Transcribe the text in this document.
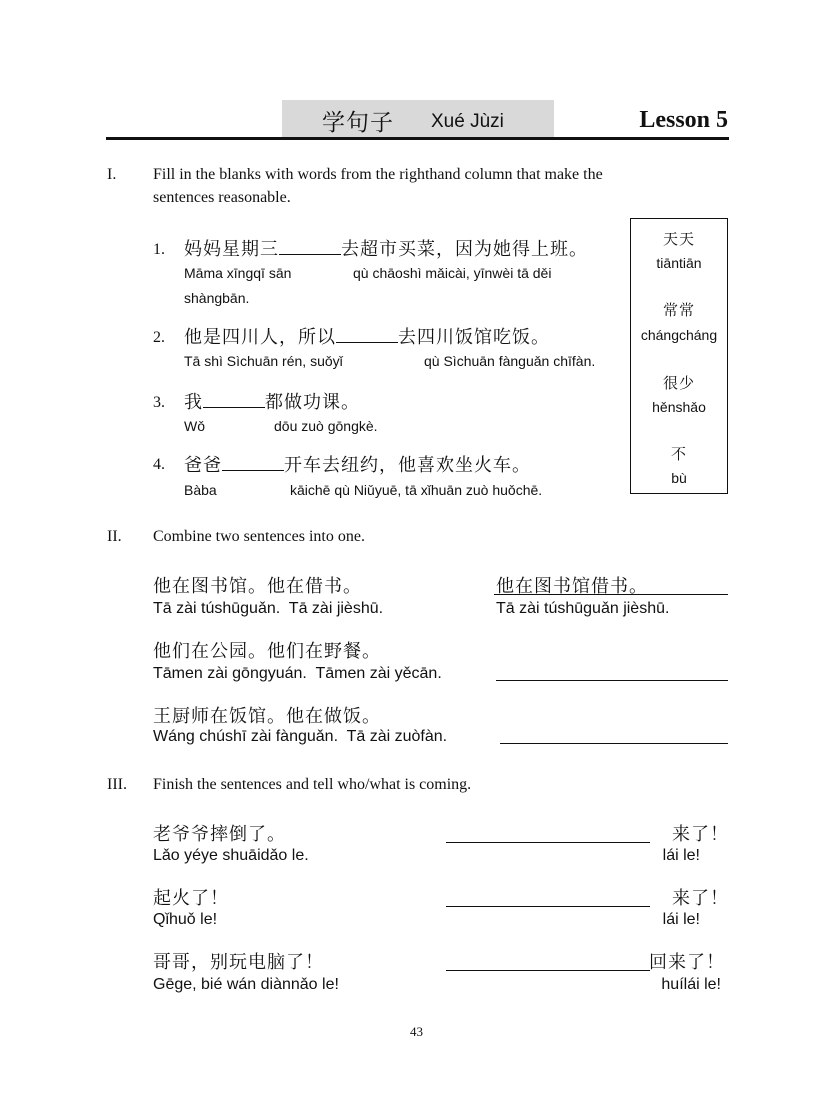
学句子 Xué Jùzi	Lesson 5
I. Fill in the blanks with words from the righthand column that make the
sentences reasonable.
1. 妈妈星期三	去超市买菜，因为她得上班。
Māma xīngqī sān	qù chāoshì mǎicài, yīnwèi tā děi
shàngbān.
2. 他是四川人，所以	去四川饭馆吃饭。
Tā shì Sìchuān rén, suǒyǐ	qù Sìchuān fànguǎn chīfàn.
3. 我	都做功课。
Wǒ	dōu zuò gōngkè.
4. 爸爸	开车去纽约，他喜欢坐火车。
Bàba	kāichē qù Niǔyuē, tā xǐhuān zuò huǒchē.
天天
tiāntiān
常常
chángcháng
很少
hěnshǎo
不
bù
II. Combine two sentences into one.
他在图书馆。他在借书。
Tā zài túshūguǎn.  Tā zài jièshū.
他在图书馆借书。
Tā zài túshūguǎn jièshū.
他们在公园。他们在野餐。
Tāmen zài gōngyuán.  Tāmen zài yěcān.
王厨师在饭馆。他在做饭。
Wáng chúshī zài fànguǎn.  Tā zài zuòfàn.
III. Finish the sentences and tell who/what is coming.
老爷爷摔倒了。
Lǎo yéye shuāidǎo le.
来了！
lái le!
起火了！
Qǐhuǒ le!
来了！
lái le!
哥哥，别玩电脑了！
Gēge, bié wán diànnǎo le!
回来了！
huílái le!
43
